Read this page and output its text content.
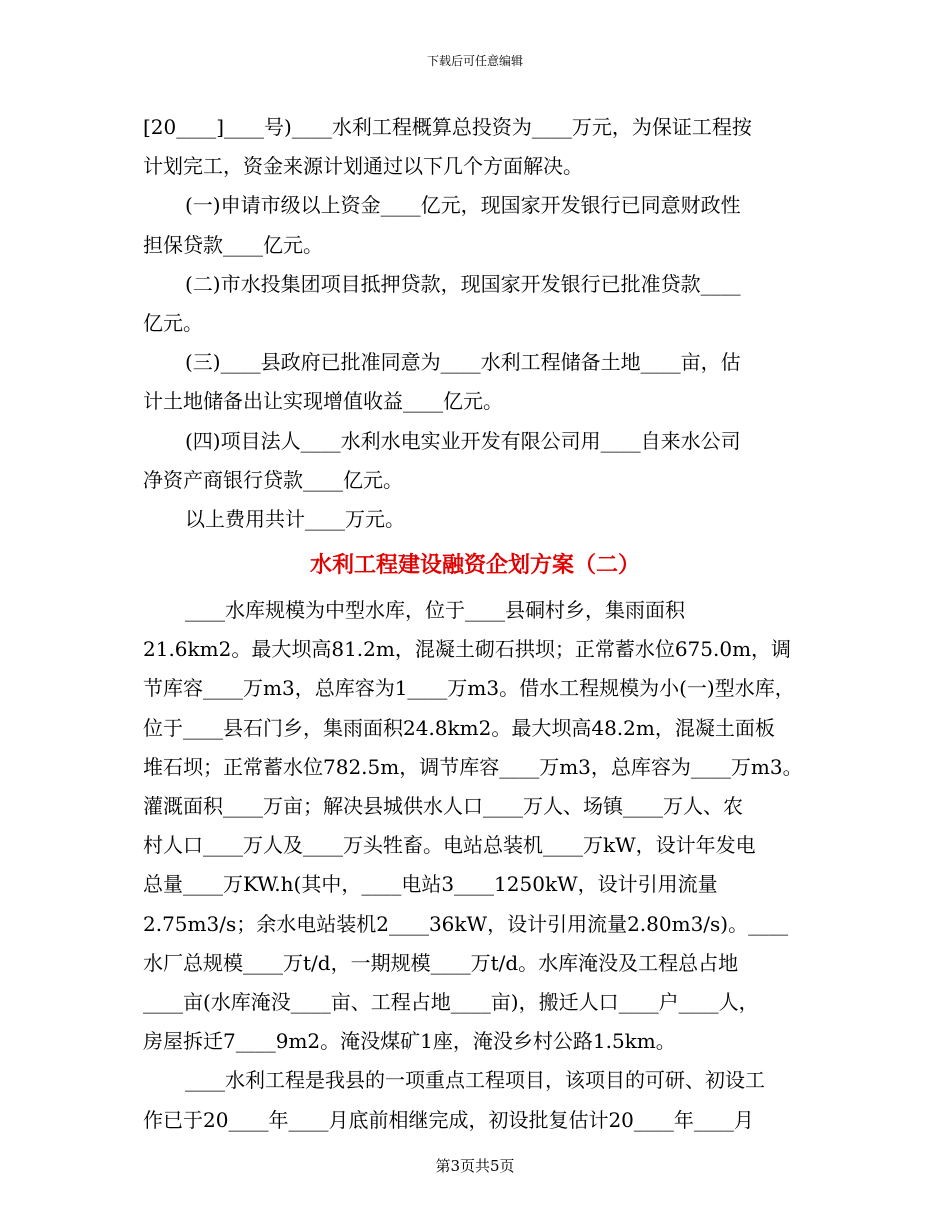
下载后可任意编辑
[20____]____号)____水利工程概算总投资为____万元，为保证工程按
计划完工，资金来源计划通过以下几个方面解决。
(一)申请市级以上资金____亿元，现国家开发银行已同意财政性
担保贷款____亿元。
(二)市水投集团项目抵押贷款，现国家开发银行已批准贷款____
亿元。
(三)____县政府已批准同意为____水利工程储备土地____亩，估
计土地储备出让实现增值收益____亿元。
(四)项目法人____水利水电实业开发有限公司用____自来水公司
净资产商银行贷款____亿元。
以上费用共计____万元。
水利工程建设融资企划方案（二）
____水库规模为中型水库，位于____县硐村乡，集雨面积
21.6km2。最大坝高81.2m，混凝土砌石拱坝；正常蓄水位675.0m，调
节库容____万m3，总库容为1____万m3。借水工程规模为小(一)型水库，
位于____县石门乡，集雨面积24.8km2。最大坝高48.2m，混凝土面板
堆石坝；正常蓄水位782.5m，调节库容____万m3，总库容为____万m3。
灌溉面积____万亩；解决县城供水人口____万人、场镇____万人、农
村人口____万人及____万头牲畜。电站总装机____万kW，设计年发电
总量____万KW.h(其中，____电站3____1250kW，设计引用流量
2.75m3/s；余水电站装机2____36kW，设计引用流量2.80m3/s)。____
水厂总规模____万t/d，一期规模____万t/d。水库淹没及工程总占地
____亩(水库淹没____亩、工程占地____亩)，搬迁人口____户____人，
房屋拆迁7____9m2。淹没煤矿1座，淹没乡村公路1.5km。
____水利工程是我县的一项重点工程项目，该项目的可研、初设工
作已于20____年____月底前相继完成，初设批复估计20____年____月
第3页共5页
